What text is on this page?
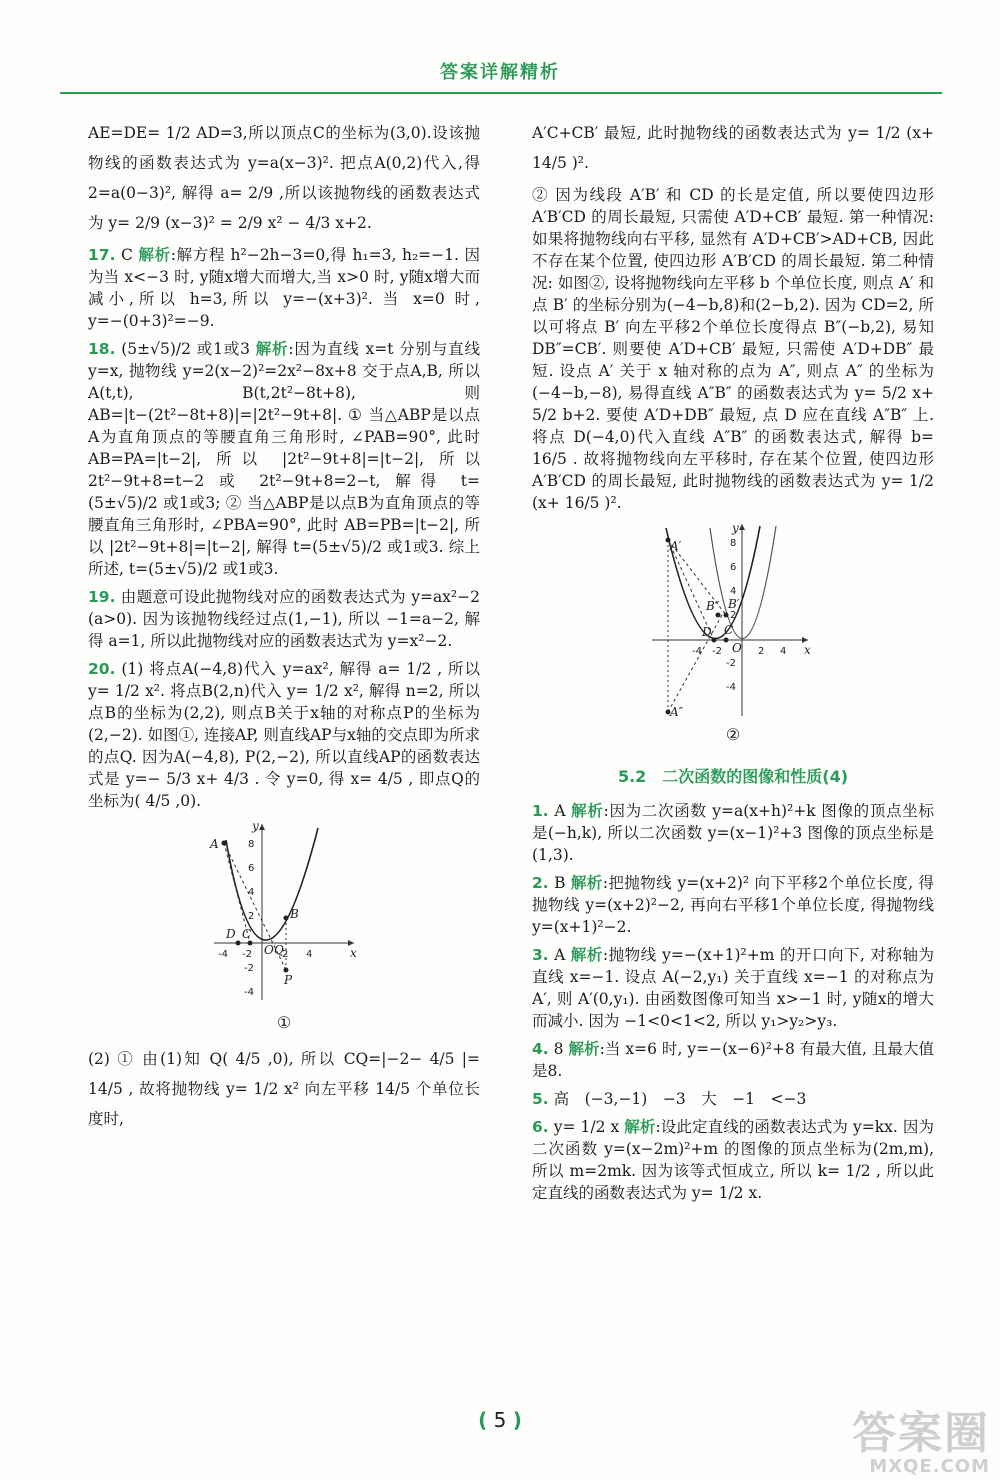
答案详解精析

AE=DE= 1/2 AD=3,所以顶点C的坐标为(3,0).设该抛物线的函数表达式为 y=a(x−3)². 把点A(0,2)代入,得 2=a(0−3)², 解得 a= 2/9 ,所以该抛物线的函数表达式为 y= 2/9 (x−3)² = 2/9 x² − 4/3 x+2.

17. C 解析:解方程 h²−2h−3=0,得 h₁=3, h₂=−1. 因为当 x<−3 时, y随x增大而增大,当 x>0 时, y随x增大而减小,所以 h=3,所以 y=−(x+3)². 当 x=0 时, y=−(0+3)²=−9.

18. (5±√5)/2 或1或3 解析:因为直线 x=t 分别与直线 y=x, 抛物线 y=2(x−2)²=2x²−8x+8 交于点A,B, 所以 A(t,t), B(t,2t²−8t+8), 则 AB=|t−(2t²−8t+8)|=|2t²−9t+8|. ① 当△ABP是以点A为直角顶点的等腰直角三角形时, ∠PAB=90°, 此时 AB=PA=|t−2|, 所以 |2t²−9t+8|=|t−2|, 所以 2t²−9t+8=t−2 或 2t²−9t+8=2−t, 解得 t=(5±√5)/2 或1或3; ② 当△ABP是以点B为直角顶点的等腰直角三角形时, ∠PBA=90°, 此时 AB=PB=|t−2|, 所以 |2t²−9t+8|=|t−2|, 解得 t=(5±√5)/2 或1或3. 综上所述, t=(5±√5)/2 或1或3.

19. 由题意可设此抛物线对应的函数表达式为 y=ax²−2 (a>0). 因为该抛物线经过点(1,−1), 所以 −1=a−2, 解得 a=1, 所以此抛物线对应的函数表达式为 y=x²−2.

20. (1) 将点A(−4,8)代入 y=ax², 解得 a= 1/2 , 所以 y= 1/2 x². 将点B(2,n)代入 y= 1/2 x², 解得 n=2, 所以点B的坐标为(2,2), 则点B关于x轴的对称点P的坐标为(2,−2). 如图①, 连接AP, 则直线AP与x轴的交点即为所求的点Q. 因为A(−4,8), P(2,−2), 所以直线AP的函数表达式是 y=− 5/3 x+ 4/3 . 令 y=0, 得 x= 4/5 , 即点Q的坐标为( 4/5 ,0).

A
B
C
D
O Q
P
x
y
8
6
4
2
-2
-4
-4 -2	2 4
①

(2) ① 由(1)知 Q( 4/5 ,0), 所以 CQ=|−2− 4/5 |= 14/5 , 故将抛物线 y= 1/2 x² 向左平移 14/5 个单位长度时,

A′C+CB′ 最短, 此时抛物线的函数表达式为 y= 1/2 (x+ 14/5 )².

② 因为线段 A′B′ 和 CD 的长是定值, 所以要使四边形 A′B′CD 的周长最短, 只需使 A′D+CB′ 最短. 第一种情况: 如果将抛物线向右平移, 显然有 A′D+CB′>AD+CB, 因此不存在某个位置, 使四边形 A′B′CD 的周长最短. 第二种情况: 如图②, 设将抛物线向左平移 b 个单位长度, 则点 A′ 和点 B′ 的坐标分别为(−4−b,8)和(2−b,2). 因为 CD=2, 所以可将点 B′ 向左平移2个单位长度得点 B″(−b,2), 易知 DB″=CB′. 则要使 A′D+CB′ 最短, 只需使 A′D+DB″ 最短. 设点 A′ 关于 x 轴对称的点为 A″, 则点 A″ 的坐标为(−4−b,−8), 易得直线 A″B″ 的函数表达式为 y= 5/2 x+ 5/2 b+2. 要使 A′D+DB″ 最短, 点 D 应在直线 A″B″ 上. 将点 D(−4,0)代入直线 A″B″ 的函数表达式, 解得 b= 16/5 . 故将抛物线向左平移时, 存在某个位置, 使四边形 A′B′CD 的周长最短, 此时抛物线的函数表达式为 y= 1/2 (x+ 16/5 )².

A′
A″
B′
B″
C
D
O	x
y
8
6
4
2
-2
-4
-4 -2	2 4
②
5.2　二次函数的图像和性质(4)

1. A 解析:因为二次函数 y=a(x+h)²+k 图像的顶点坐标是(−h,k), 所以二次函数 y=(x−1)²+3 图像的顶点坐标是(1,3).

2. B 解析:把抛物线 y=(x+2)² 向下平移2个单位长度, 得抛物线 y=(x+2)²−2, 再向右平移1个单位长度, 得抛物线 y=(x+1)²−2.

3. A 解析:抛物线 y=−(x+1)²+m 的开口向下, 对称轴为直线 x=−1. 设点 A(−2,y₁) 关于直线 x=−1 的对称点为 A′, 则 A′(0,y₁). 由函数图像可知当 x>−1 时, y随x的增大而减小. 因为 −1<0<1<2, 所以 y₁>y₂>y₃.

4. 8 解析:当 x=6 时, y=−(x−6)²+8 有最大值, 且最大值是8.

5. 高　(−3,−1)　−3　大　−1　<−3

6. y= 1/2 x 解析:设此定直线的函数表达式为 y=kx. 因为二次函数 y=(x−2m)²+m 的图像的顶点坐标为(2m,m), 所以 m=2mk. 因为该等式恒成立, 所以 k= 1/2 , 所以此定直线的函数表达式为 y= 1/2 x.

( 5 )	答案圈
MXQE.COM
